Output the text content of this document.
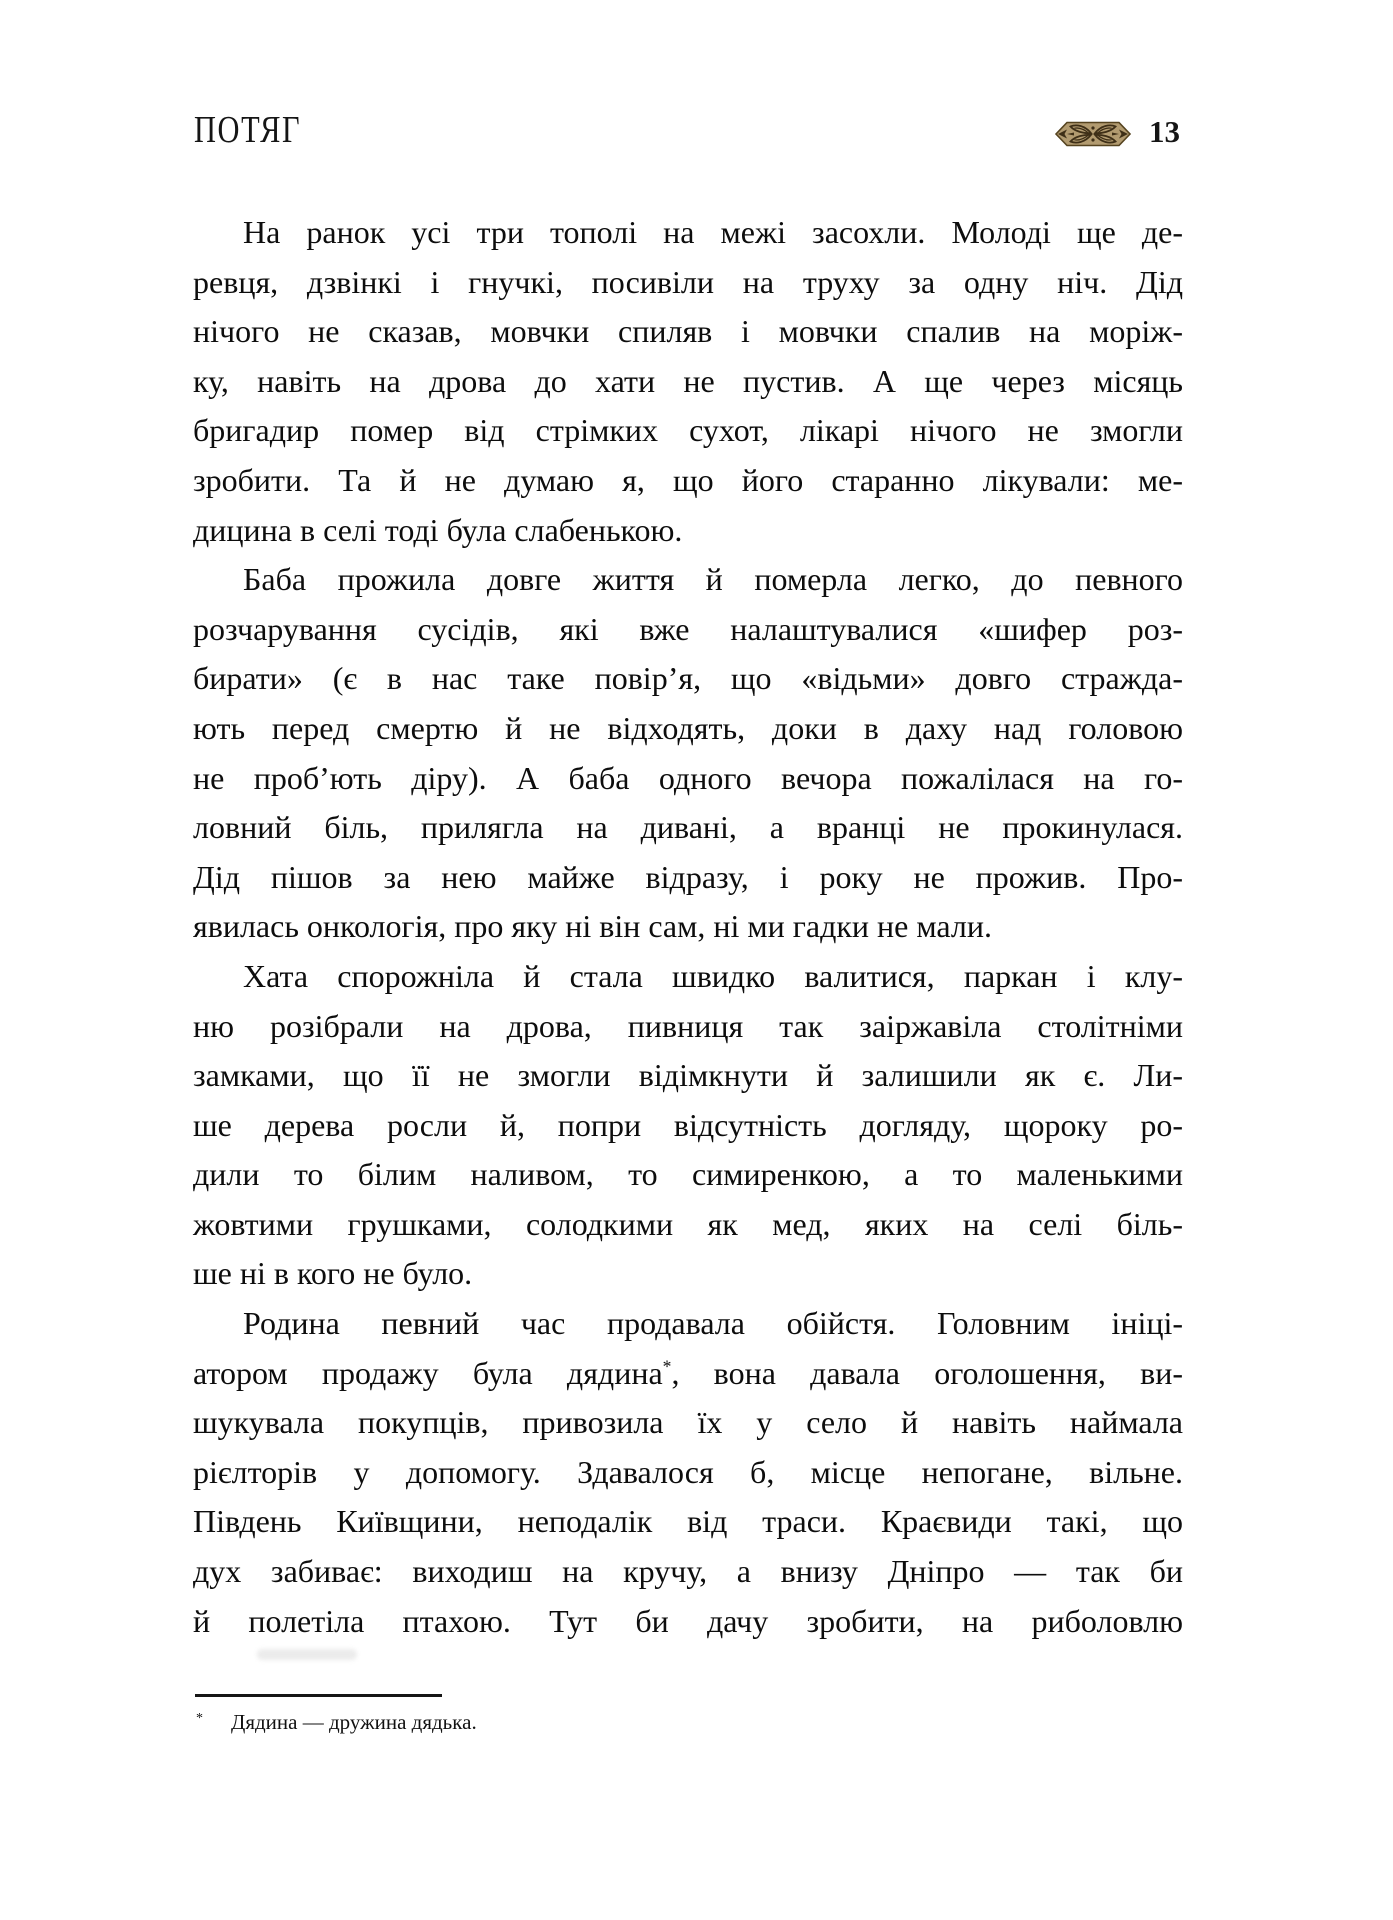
ПОТЯГ	13
На ранок усі три тополі на межі засохли. Молоді ще де-
ревця, дзвінкі і гнучкі, посивіли на труху за одну ніч. Дід
нічого не сказав, мовчки спиляв і мовчки спалив на моріж-
ку, навіть на дрова до хати не пустив. А ще через місяць
бригадир помер від стрімких сухот, лікарі нічого не змогли
зробити. Та й не думаю я, що його старанно лікували: ме-
дицина в селі тоді була слабенькою.
Баба прожила довге життя й померла легко, до певного
розчарування сусідів, які вже налаштувалися «шифер роз-
бирати» (є в нас таке повір’я, що «відьми» довго стражда-
ють перед смертю й не відходять, доки в даху над головою
не проб’ють діру). А баба одного вечора пожалілася на го-
ловний біль, прилягла на дивані, а вранці не прокинулася.
Дід пішов за нею майже відразу, і року не прожив. Про-
явилась онкологія, про яку ні він сам, ні ми гадки не мали.
Хата спорожніла й стала швидко валитися, паркан і клу-
ню розібрали на дрова, пивниця так заіржавіла столітніми
замками, що її не змогли відімкнути й залишили як є. Ли-
ше дерева росли й, попри відсутність догляду, щороку ро-
дили то білим наливом, то симиренкою, а то маленькими
жовтими грушками, солодкими як мед, яких на селі біль-
ше ні в кого не було.
Родина певний час продавала обійстя. Головним ініці-
атором продажу була дядина*, вона давала оголошення, ви-
шукувала покупців, привозила їх у село й навіть наймала
рієлторів у допомогу. Здавалося б, місце непогане, вільне.
Південь Київщини, неподалік від траси. Краєвиди такі, що
дух забиває: виходиш на кручу, а внизу Дніпро — так би
й полетіла птахою. Тут би дачу зробити, на риболовлю
* Дядина — дружина дядька.
